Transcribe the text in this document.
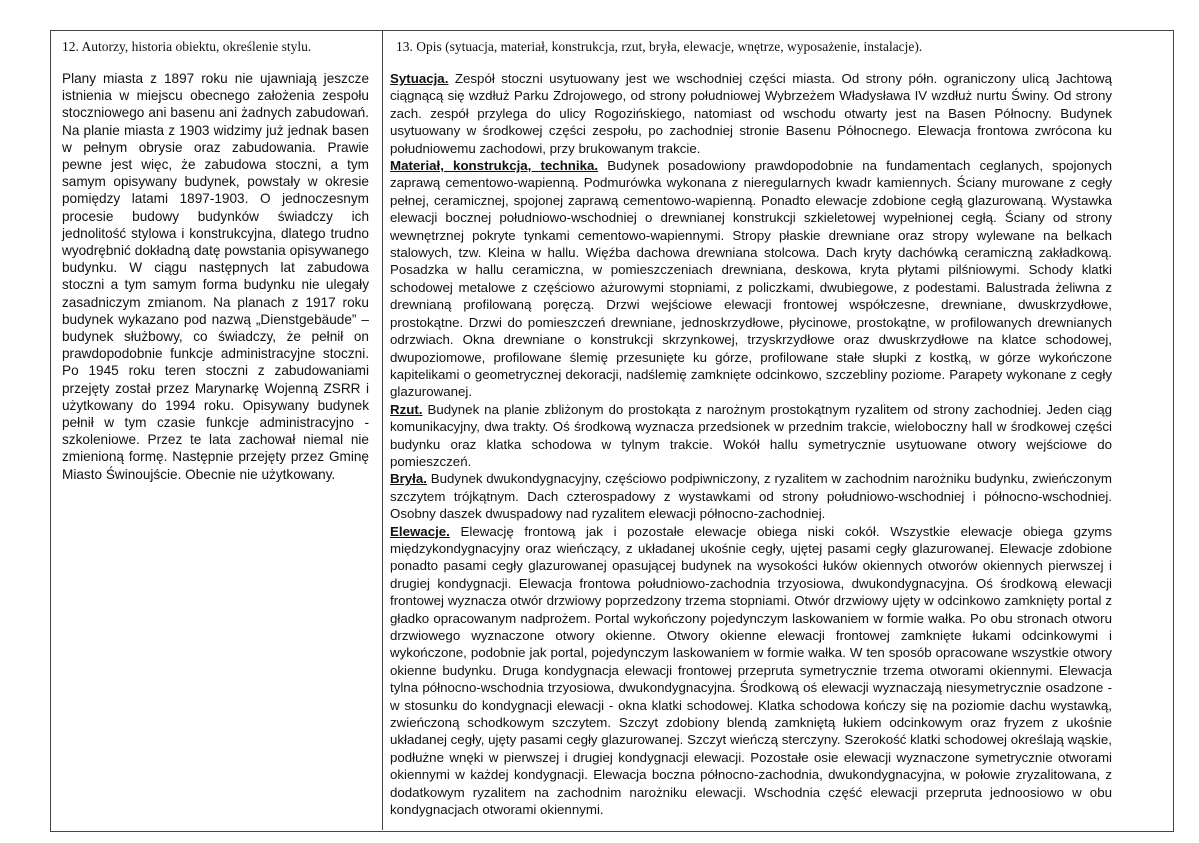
12. Autorzy, historia obiektu, określenie stylu.	13. Opis (sytuacja, materiał, konstrukcja, rzut, bryła, elewacje, wnętrze, wyposażenie, instalacje).

Plany miasta z 1897 roku nie ujawniają jeszcze istnienia w miejscu obecnego założenia zespołu stoczniowego ani basenu ani żadnych zabudowań. Na planie miasta z 1903 widzimy już jednak basen w pełnym obrysie oraz zabudowania. Prawie pewne jest więc, że zabudowa stoczni, a tym samym opisywany budynek, powstały w okresie pomiędzy latami 1897-1903. O jednoczesnym procesie budowy budynków świadczy ich jednolitość stylowa i konstrukcyjna, dlatego trudno wyodrębnić dokładną datę powstania opisywanego budynku. W ciągu następnych lat zabudowa stoczni a tym samym forma budynku nie ulegały zasadniczym zmianom. Na planach z 1917 roku budynek wykazano pod nazwą „Dienstgebäude” – budynek służbowy, co świadczy, że pełnił on prawdopodobnie funkcje administracyjne stoczni. Po 1945 roku teren stoczni z zabudowaniami przejęty został przez Marynarkę Wojenną ZSRR i użytkowany do 1994 roku. Opisywany budynek pełnił w tym czasie funkcje administracyjno - szkoleniowe. Przez te lata zachował niemal nie zmienioną formę. Następnie przejęty przez Gminę Miasto Świnoujście. Obecnie nie użytkowany.

Sytuacja. Zespół stoczni usytuowany jest we wschodniej części miasta. Od strony półn. ograniczony ulicą Jachtową ciągnącą się wzdłuż Parku Zdrojowego, od strony południowej Wybrzeżem Władysława IV wzdłuż nurtu Świny. Od strony zach. zespół przylega do ulicy Rogozińskiego, natomiast od wschodu otwarty jest na Basen Północny. Budynek usytuowany w środkowej części zespołu, po zachodniej stronie Basenu Północnego. Elewacja frontowa zwrócona ku południowemu zachodowi, przy brukowanym trakcie.

Materiał, konstrukcja, technika. Budynek posadowiony prawdopodobnie na fundamentach ceglanych, spojonych zaprawą cementowo-wapienną. Podmurówka wykonana z nieregularnych kwadr kamiennych. Ściany murowane z cegły pełnej, ceramicznej, spojonej zaprawą cementowo-wapienną. Ponadto elewacje zdobione cegłą glazurowaną. Wystawka elewacji bocznej południowo-wschodniej o drewnianej konstrukcji szkieletowej wypełnionej cegłą. Ściany od strony wewnętrznej pokryte tynkami cementowo-wapiennymi. Stropy płaskie drewniane oraz stropy wylewane na belkach stalowych, tzw. Kleina w hallu. Więźba dachowa drewniana stolcowa. Dach kryty dachówką ceramiczną zakładkową. Posadzka w hallu ceramiczna, w pomieszczeniach drewniana, deskowa, kryta płytami pilśniowymi. Schody klatki schodowej metalowe z częściowo ażurowymi stopniami, z policzkami, dwubiegowe, z podestami. Balustrada żeliwna z drewnianą profilowaną poręczą. Drzwi wejściowe elewacji frontowej współczesne, drewniane, dwuskrzydłowe, prostokątne. Drzwi do pomieszczeń drewniane, jednoskrzydłowe, płycinowe, prostokątne, w profilowanych drewnianych odrzwiach. Okna drewniane o konstrukcji skrzynkowej, trzyskrzydłowe oraz dwuskrzydłowe na klatce schodowej, dwupoziomowe, profilowane ślemię przesunięte ku górze, profilowane stałe słupki z kostką, w górze wykończone kapitelikami o geometrycznej dekoracji, nadślemię zamknięte odcinkowo, szczebliny poziome. Parapety wykonane z cegły glazurowanej.

Rzut. Budynek na planie zbliżonym do prostokąta z narożnym prostokątnym ryzalitem od strony zachodniej. Jeden ciąg komunikacyjny, dwa trakty. Oś środkową wyznacza przedsionek w przednim trakcie, wieloboczny hall w środkowej części budynku oraz klatka schodowa w tylnym trakcie. Wokół hallu symetrycznie usytuowane otwory wejściowe do pomieszczeń.

Bryła. Budynek dwukondygnacyjny, częściowo podpiwniczony, z ryzalitem w zachodnim narożniku budynku, zwieńczonym szczytem trójkątnym. Dach czterospadowy z wystawkami od strony południowo-wschodniej i północno-wschodniej. Osobny daszek dwuspadowy nad ryzalitem elewacji północno-zachodniej.

Elewacje. Elewację frontową jak i pozostałe elewacje obiega niski cokół. Wszystkie elewacje obiega gzyms międzykondygnacyjny oraz wieńczący, z układanej ukośnie cegły, ujętej pasami cegły glazurowanej. Elewacje zdobione ponadto pasami cegły glazurowanej opasującej budynek na wysokości łuków okiennych otworów okiennych pierwszej i drugiej kondygnacji. Elewacja frontowa południowo-zachodnia trzyosiowa, dwukondygnacyjna. Oś środkową elewacji frontowej wyznacza otwór drzwiowy poprzedzony trzema stopniami. Otwór drzwiowy ujęty w odcinkowo zamknięty portal z gładko opracowanym nadprożem. Portal wykończony pojedynczym laskowaniem w formie wałka. Po obu stronach otworu drzwiowego wyznaczone otwory okienne. Otwory okienne elewacji frontowej zamknięte łukami odcinkowymi i wykończone, podobnie jak portal, pojedynczym laskowaniem w formie wałka. W ten sposób opracowane wszystkie otwory okienne budynku. Druga kondygnacja elewacji frontowej przepruta symetrycznie trzema otworami okiennymi. Elewacja tylna północno-wschodnia trzyosiowa, dwukondygnacyjna. Środkową oś elewacji wyznaczają niesymetrycznie osadzone - w stosunku do kondygnacji elewacji - okna klatki schodowej. Klatka schodowa kończy się na poziomie dachu wystawką, zwieńczoną schodkowym szczytem. Szczyt zdobiony blendą zamkniętą łukiem odcinkowym oraz fryzem z ukośnie układanej cegły, ujęty pasami cegły glazurowanej. Szczyt wieńczą sterczyny. Szerokość klatki schodowej określają wąskie, podłużne wnęki w pierwszej i drugiej kondygnacji elewacji. Pozostałe osie elewacji wyznaczone symetrycznie otworami okiennymi w każdej kondygnacji. Elewacja boczna północno-zachodnia, dwukondygnacyjna, w połowie zryzalitowana, z dodatkowym ryzalitem na zachodnim narożniku elewacji. Wschodnia część elewacji przepruta jednoosiowo w obu kondygnacjach otworami okiennymi.
